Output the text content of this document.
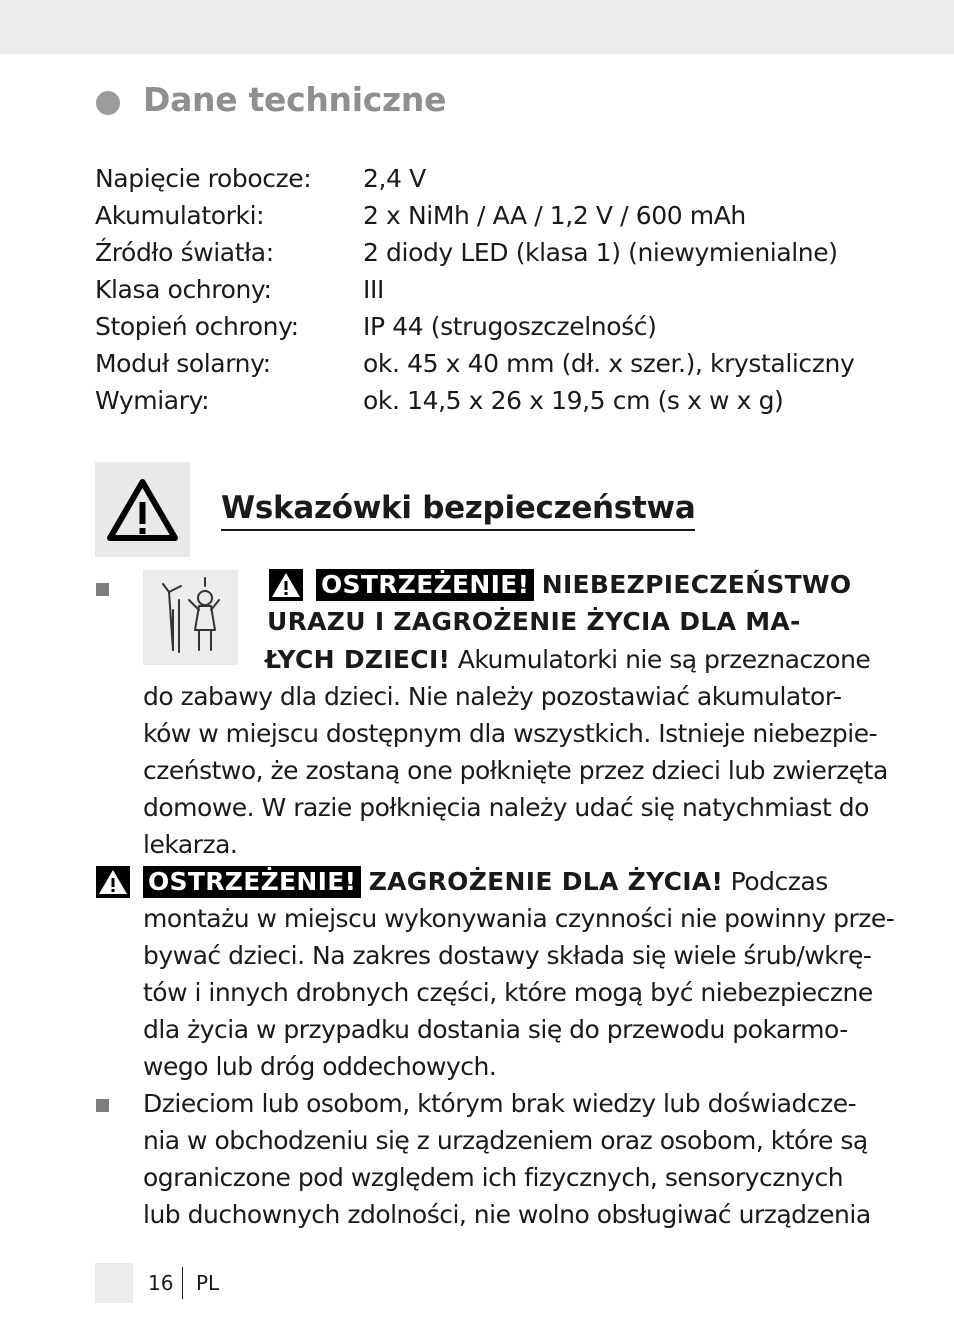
Dane techniczne
Napięcie robocze: 2,4 V
Akumulatorki:	2 x NiMh / AA / 1,2 V / 600 mAh
Źródło światła:	2 diody LED (klasa 1) (niewymienialne)
Klasa ochrony:	III
Stopień ochrony:	IP 44 (strugoszczelność)
Moduł solarny:	ok. 45 x 40 mm (dł. x szer.), krystaliczny
Wymiary:	ok. 14,5 x 26 x 19,5 cm (s x w x g)
Wskazówki bezpieczeństwa
OSTRZEŻENIE! NIEBEZPIECZEŃSTWO
URAZU I ZAGROŻENIE ŻYCIA DLA MA-
ŁYCH DZIECI! Akumulatorki nie są przeznaczone
do zabawy dla dzieci. Nie należy pozostawiać akumulator-
ków w miejscu dostępnym dla wszystkich. Istnieje niebezpie-
czeństwo, że zostaną one połknięte przez dzieci lub zwierzęta
domowe. W razie połknięcia należy udać się natychmiast do
lekarza.
OSTRZEŻENIE! ZAGROŻENIE DLA ŻYCIA! Podczas
montażu w miejscu wykonywania czynności nie powinny prze-
bywać dzieci. Na zakres dostawy składa się wiele śrub/wkrę-
tów i innych drobnych części, które mogą być niebezpieczne
dla życia w przypadku dostania się do przewodu pokarmo-
wego lub dróg oddechowych.
Dzieciom lub osobom, którym brak wiedzy lub doświadcze-
nia w obchodzeniu się z urządzeniem oraz osobom, które są
ograniczone pod względem ich fizycznych, sensorycznych
lub duchownych zdolności, nie wolno obsługiwać urządzenia
16 PL
